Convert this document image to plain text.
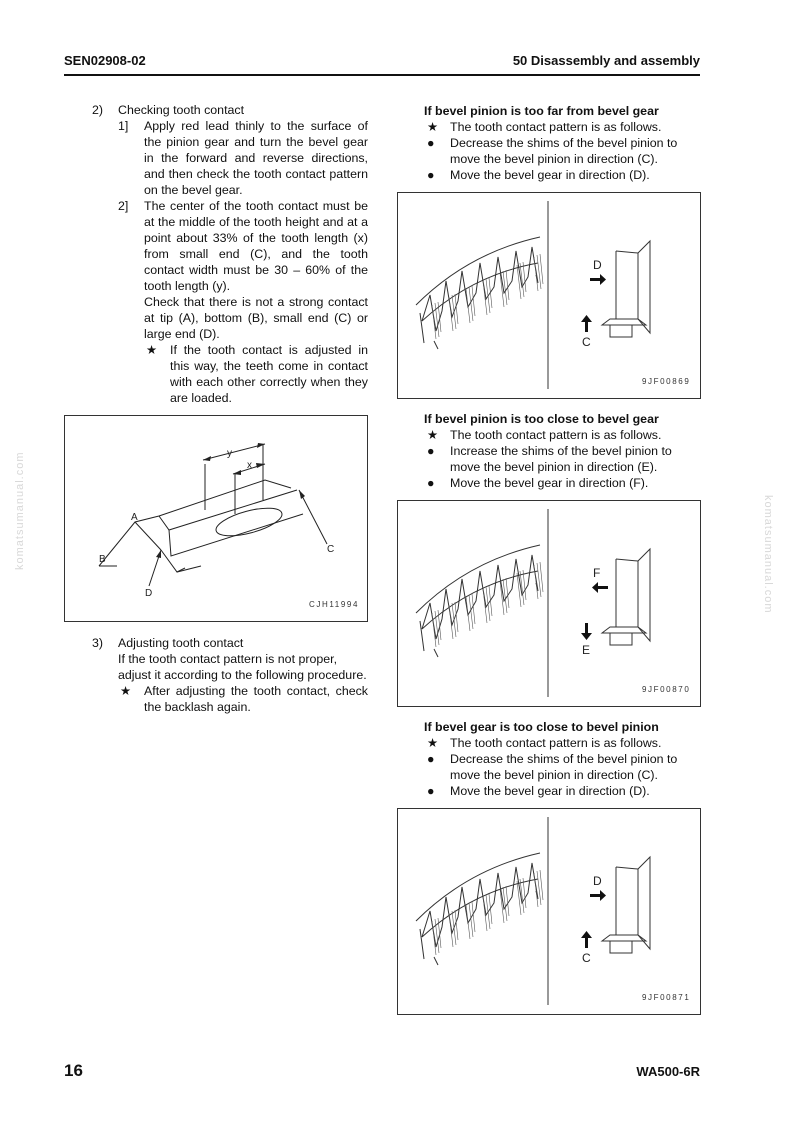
SEN02908-02	50 Disassembly and assembly
komatsumanual.com	komatsumanual.com
2) Checking tooth contact
1] Apply red lead thinly to the surface of the pinion gear and turn the bevel gear in the forward and reverse directions, and then check the tooth contact pattern on the bevel gear.
2] The center of the tooth contact must be at the middle of the tooth height and at a point about 33% of the tooth length (x) from small end (C), and the tooth contact width must be 30 – 60% of the tooth length (y).
Check that there is not a strong contact at tip (A), bottom (B), small end (C) or large end (D).
★ If the tooth contact is adjusted in this way, the teeth come in contact with each other correctly when they are loaded.
y
x
A
B
C
D
CJH11994
3) Adjusting tooth contact
If the tooth contact pattern is not proper, adjust it according to the following procedure.
★ After adjusting the tooth contact, check the backlash again.
If bevel pinion is too far from bevel gear
★ The tooth contact pattern is as follows.
● Decrease the shims of the bevel pinion to move the bevel pinion in direction (C).
● Move the bevel gear in direction (D).
If bevel pinion is too close to bevel gear
★ The tooth contact pattern is as follows.
● Increase the shims of the bevel pinion to move the bevel pinion in direction (E).
● Move the bevel gear in direction (F).
If bevel gear is too close to bevel pinion
★ The tooth contact pattern is as follows.
● Decrease the shims of the bevel pinion to move the bevel pinion in direction (C).
● Move the bevel gear in direction (D).
D
C
9JF00869
F
E
9JF00870
D
C
9JF00871
16	WA500-6R
